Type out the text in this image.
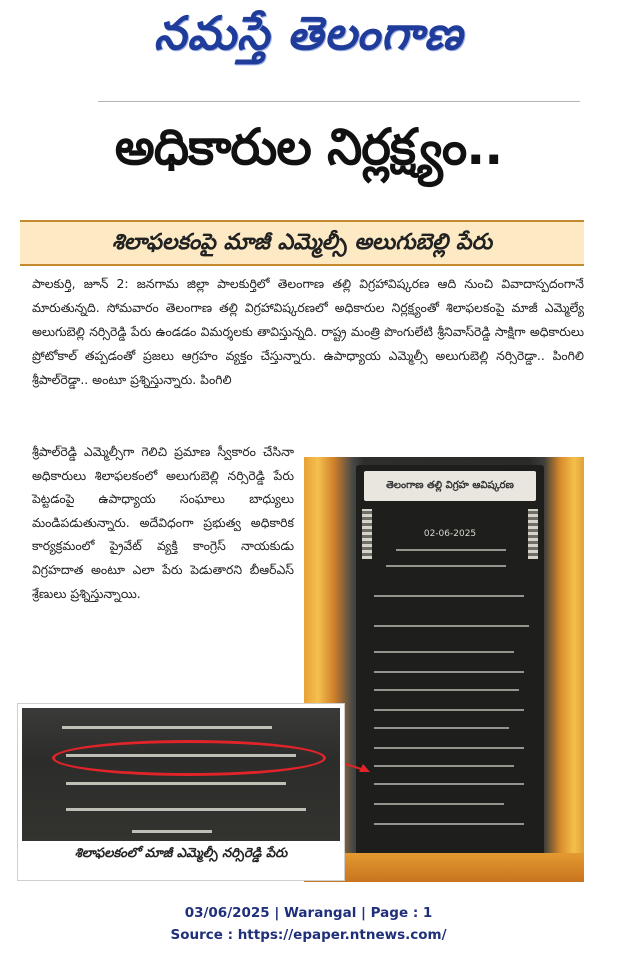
నమస్తే తెలంగాణ
అధికారుల నిర్లక్ష్యం..
శిలాఫలకంపై మాజీ ఎమ్మెల్సీ అలుగుబెల్లి పేరు
పాలకుర్తి, జూన్ 2: జనగామ జిల్లా పాలకుర్తిలో తెలంగాణ తల్లి విగ్రహావిష్కరణ ఆది నుంచి వివాదాస్పదంగానే మారుతున్నది. సోమవారం తెలంగాణ తల్లి విగ్రహావిష్కరణలో అధికారుల నిర్లక్ష్యంతో శిలాఫలకంపై మాజీ ఎమ్మెల్యే అలుగుబెల్లి నర్సిరెడ్డి పేరు ఉండడం విమర్శలకు తావిస్తున్నది. రాష్ట్ర మంత్రి పొంగులేటి శ్రీనివాస్‌రెడ్డి సాక్షిగా అధికారులు ప్రోటోకాల్ తప్పడంతో ప్రజలు ఆగ్రహం వ్యక్తం చేస్తున్నారు. ఉపాధ్యాయ ఎమ్మెల్సీ అలుగుబెల్లి నర్సిరెడ్డా.. పింగిలి శ్రీపాల్‌రెడ్డా.. అంటూ ప్రశ్నిస్తున్నారు. పింగిలి
శ్రీపాల్‌రెడ్డి ఎమ్మెల్సీగా గెలిచి ప్రమాణ స్వీకారం చేసినా అధికారులు శిలాఫలకంలో అలుగుబెల్లి నర్సిరెడ్డి పేరు పెట్టడంపై ఉపాధ్యాయ సంఘాలు బాధ్యులు మండిపడుతున్నారు. అదేవిధంగా ప్రభుత్వ అధికారిక కార్యక్రమంలో ప్రైవేట్ వ్యక్తి కాంగ్రెస్ నాయకుడు విగ్రహదాత అంటూ ఎలా పేరు పెడుతారని బీఆర్‌ఎస్ శ్రేణులు ప్రశ్నిస్తున్నాయి.
తెలంగాణ తల్లి విగ్రహ ఆవిష్కరణ
02-06-2025
శిలాఫలకంలో మాజీ ఎమ్మెల్సీ నర్సిరెడ్డి పేరు
03/06/2025 | Warangal | Page : 1
Source : https://epaper.ntnews.com/
